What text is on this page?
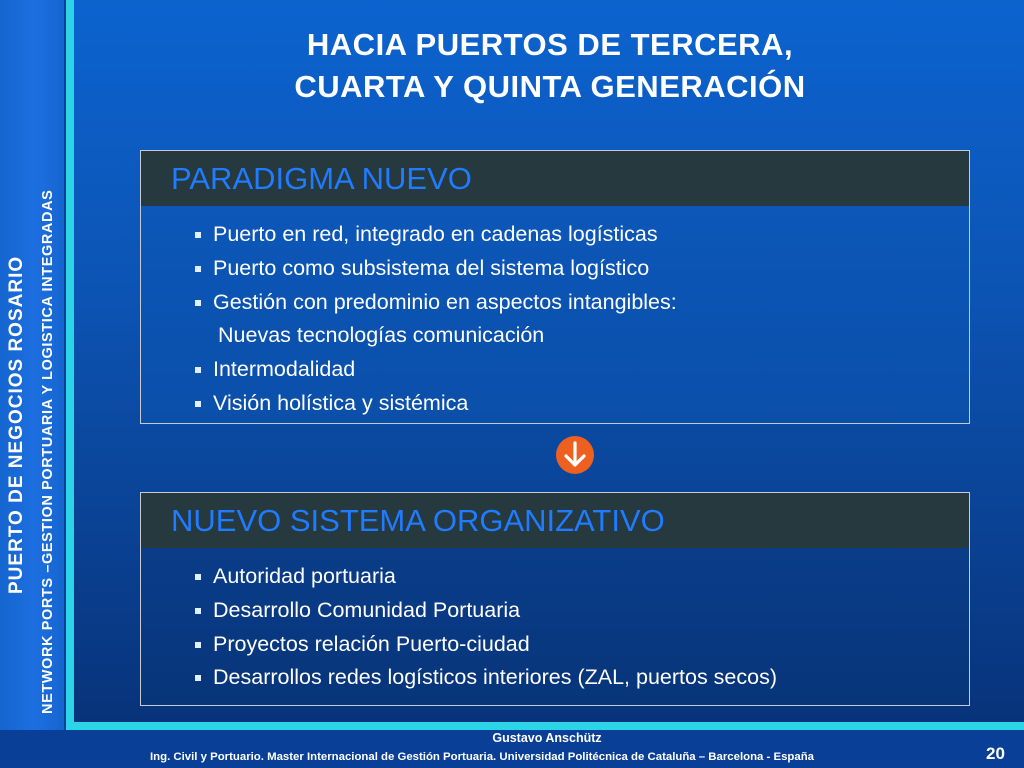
PUERTO DE NEGOCIOS ROSARIO NETWORK PORTS –GESTION PORTUARIA Y LOGISTICA INTEGRADAS
HACIA PUERTOS DE TERCERA,
CUARTA Y QUINTA GENERACIÓN
PARADIGMA NUEVO
Puerto en red, integrado en cadenas logísticas
Puerto como subsistema del sistema logístico
Gestión con predominio en aspectos intangibles:
Nuevas tecnologías comunicación
Intermodalidad
Visión holística y sistémica
NUEVO SISTEMA ORGANIZATIVO
Autoridad portuaria
Desarrollo Comunidad Portuaria
Proyectos relación Puerto-ciudad
Desarrollos redes logísticos interiores (ZAL, puertos secos)
Gustavo Anschütz
Ing. Civil y Portuario. Master Internacional de Gestión Portuaria. Universidad Politécnica de Cataluña – Barcelona - España	20
